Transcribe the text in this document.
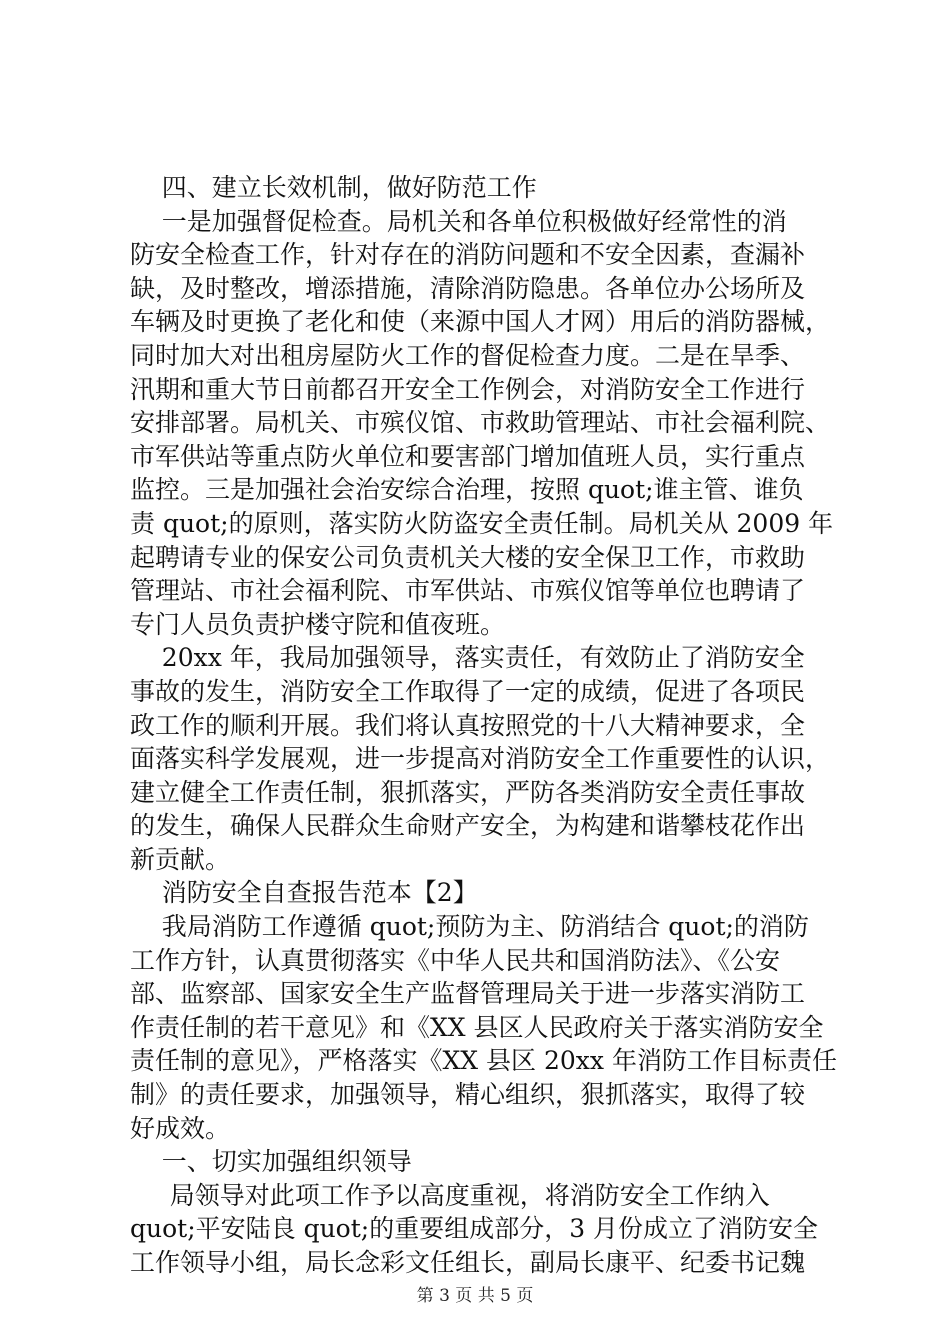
四、建立长效机制，做好防范工作
一是加强督促检查。局机关和各单位积极做好经常性的消
防安全检查工作，针对存在的消防问题和不安全因素，查漏补
缺，及时整改，增添措施，清除消防隐患。各单位办公场所及
车辆及时更换了老化和使（来源中国人才网）用后的消防器械，
同时加大对出租房屋防火工作的督促检查力度。二是在旱季、
汛期和重大节日前都召开安全工作例会，对消防安全工作进行
安排部署。局机关、市殡仪馆、市救助管理站、市社会福利院、
市军供站等重点防火单位和要害部门增加值班人员，实行重点
监控。三是加强社会治安综合治理，按照 quot;谁主管、谁负
责 quot;的原则，落实防火防盗安全责任制。局机关从 2009 年
起聘请专业的保安公司负责机关大楼的安全保卫工作，市救助
管理站、市社会福利院、市军供站、市殡仪馆等单位也聘请了
专门人员负责护楼守院和值夜班。
20xx 年，我局加强领导，落实责任，有效防止了消防安全
事故的发生，消防安全工作取得了一定的成绩，促进了各项民
政工作的顺利开展。我们将认真按照党的十八大精神要求，全
面落实科学发展观，进一步提高对消防安全工作重要性的认识，
建立健全工作责任制，狠抓落实，严防各类消防安全责任事故
的发生，确保人民群众生命财产安全，为构建和谐攀枝花作出
新贡献。
消防安全自查报告范本【2】
我局消防工作遵循 quot;预防为主、防消结合 quot;的消防
工作方针，认真贯彻落实《中华人民共和国消防法》、《公安
部、监察部、国家安全生产监督管理局关于进一步落实消防工
作责任制的若干意见》和《XX 县区人民政府关于落实消防安全
责任制的意见》，严格落实《XX 县区 20xx 年消防工作目标责任
制》的责任要求，加强领导，精心组织，狠抓落实，取得了较
好成效。
一、切实加强组织领导
局领导对此项工作予以高度重视，将消防安全工作纳入
quot;平安陆良 quot;的重要组成部分，3 月份成立了消防安全
工作领导小组，局长念彩文任组长，副局长康平、纪委书记魏
第 3 页 共 5 页
